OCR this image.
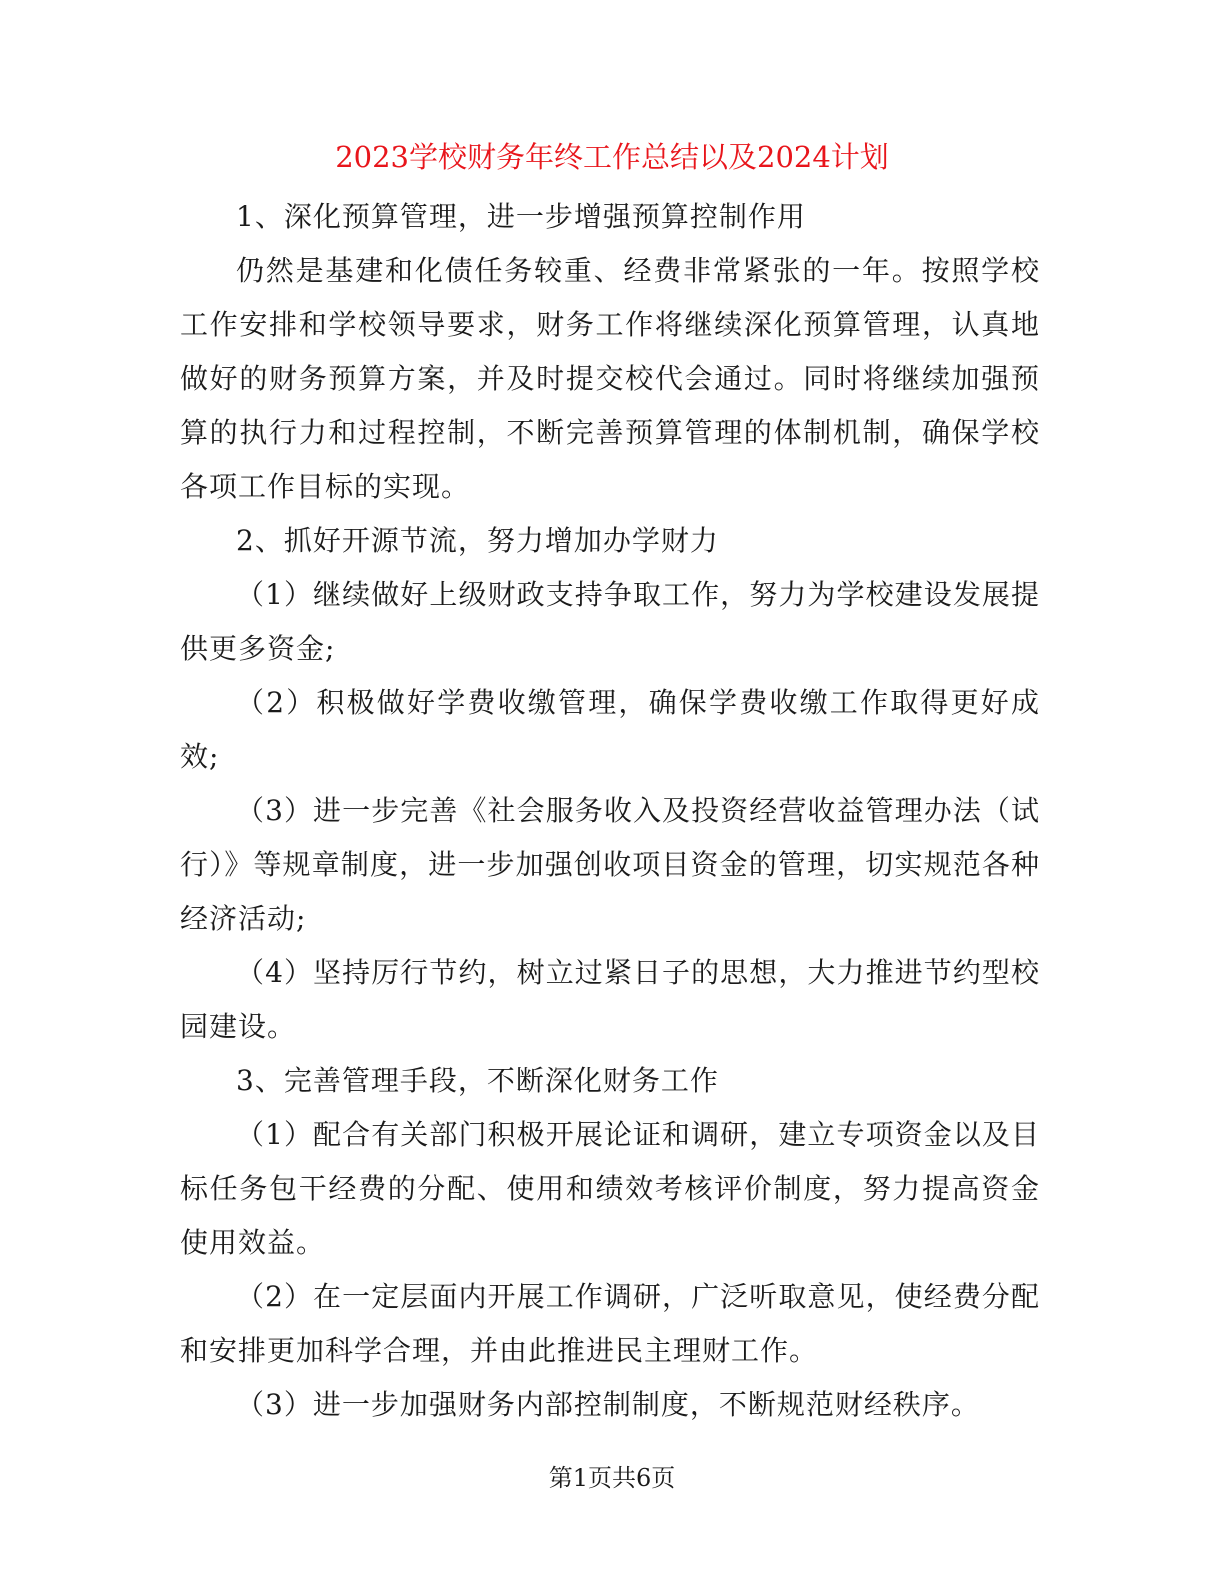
2023学校财务年终工作总结以及2024计划

1、深化预算管理，进一步增强预算控制作用

仍然是基建和化债任务较重、经费非常紧张的一年。按照学校工作安排和学校领导要求，财务工作将继续深化预算管理，认真地做好的财务预算方案，并及时提交校代会通过。同时将继续加强预算的执行力和过程控制，不断完善预算管理的体制机制，确保学校各项工作目标的实现。

2、抓好开源节流，努力增加办学财力

（1）继续做好上级财政支持争取工作，努力为学校建设发展提供更多资金;

（2）积极做好学费收缴管理，确保学费收缴工作取得更好成效;

（3）进一步完善《社会服务收入及投资经营收益管理办法（试行）》等规章制度，进一步加强创收项目资金的管理，切实规范各种经济活动;

（4）坚持厉行节约，树立过紧日子的思想，大力推进节约型校园建设。

3、完善管理手段，不断深化财务工作

（1）配合有关部门积极开展论证和调研，建立专项资金以及目标任务包干经费的分配、使用和绩效考核评价制度，努力提高资金使用效益。

（2）在一定层面内开展工作调研，广泛听取意见，使经费分配和安排更加科学合理，并由此推进民主理财工作。

（3）进一步加强财务内部控制制度，不断规范财经秩序。

第1页共6页
